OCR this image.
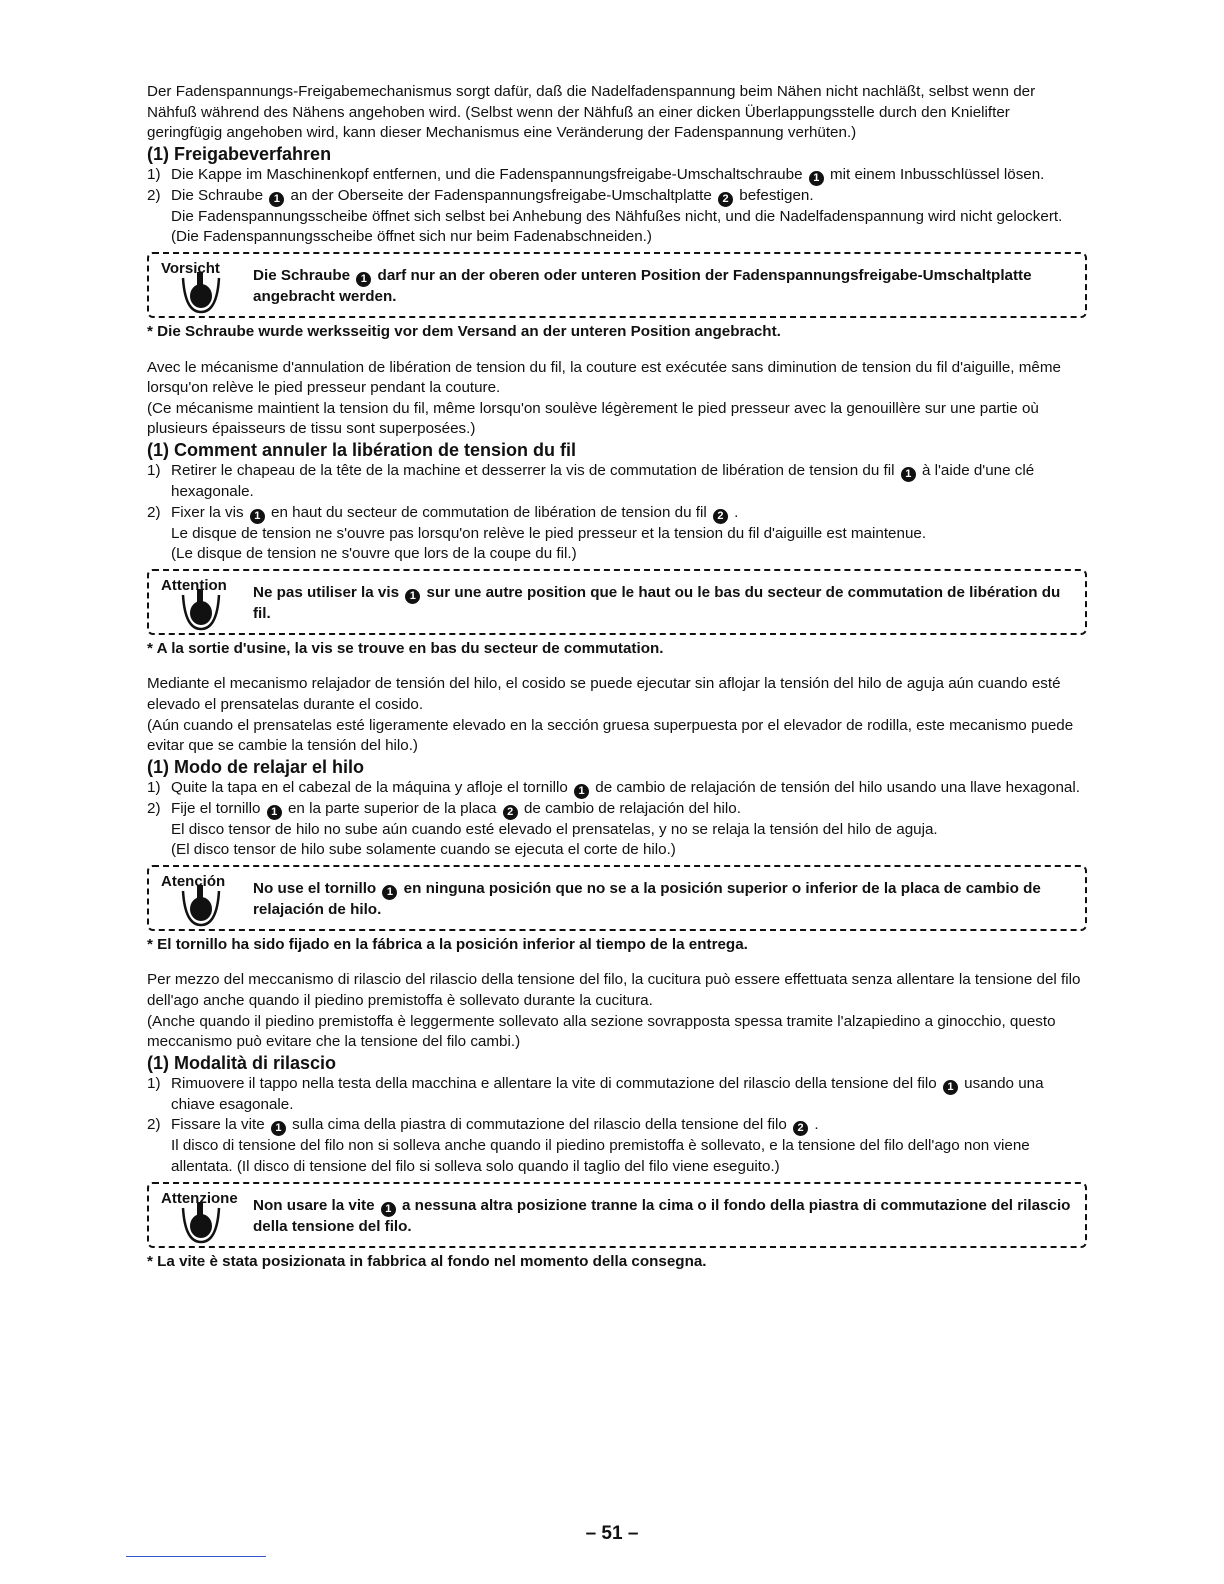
Der Fadenspannungs-Freigabemechanismus sorgt dafür, daß die Nadelfadenspannung beim Nähen nicht nachläßt, selbst wenn der Nähfuß während des Nähens angehoben wird. (Selbst wenn der Nähfuß an einer dicken Überlappungsstelle durch den Knielifter geringfügig angehoben wird, kann dieser Mechanismus eine Veränderung der Fadenspannung verhüten.)

(1) Freigabeverfahren
1) Die Kappe im Maschinenkopf entfernen, und die Fadenspannungsfreigabe-Umschaltschraube 1 mit einem Inbusschlüssel lösen.
2) Die Schraube 1 an der Oberseite der Fadenspannungsfreigabe-Umschaltplatte 2 befestigen.
Die Fadenspannungsscheibe öffnet sich selbst bei Anhebung des Nähfußes nicht, und die Nadelfadenspannung wird nicht gelockert. (Die Fadenspannungsscheibe öffnet sich nur beim Fadenabschneiden.)
Vorsicht Die Schraube 1 darf nur an der oberen oder unteren Position der Fadenspannungsfreigabe-Umschaltplatte angebracht werden.
* Die Schraube wurde werksseitig vor dem Versand an der unteren Position angebracht.

Avec le mécanisme d'annulation de libération de tension du fil, la couture est exécutée sans diminution de tension du fil d'aiguille, même lorsqu'on relève le pied presseur pendant la couture.

(Ce mécanisme maintient la tension du fil, même lorsqu'on soulève légèrement le pied presseur avec la genouillère sur une partie où plusieurs épaisseurs de tissu sont superposées.)

(1) Comment annuler la libération de tension du fil
1) Retirer le chapeau de la tête de la machine et desserrer la vis de commutation de libération de tension du fil 1 à l'aide d'une clé hexagonale.
2) Fixer la vis 1 en haut du secteur de commutation de libération de tension du fil 2 .
Le disque de tension ne s'ouvre pas lorsqu'on relève le pied presseur et la tension du fil d'aiguille est maintenue.
(Le disque de tension ne s'ouvre que lors de la coupe du fil.)
Attention Ne pas utiliser la vis 1 sur une autre position que le haut ou le bas du secteur de commutation de libération du fil.
* A la sortie d'usine, la vis se trouve en bas du secteur de commutation.

Mediante el mecanismo relajador de tensión del hilo, el cosido se puede ejecutar sin aflojar la tensión del hilo de aguja aún cuando esté elevado el prensatelas durante el cosido.

(Aún cuando el prensatelas esté ligeramente elevado en la sección gruesa superpuesta por el elevador de rodilla, este mecanismo puede evitar que se cambie la tensión del hilo.)

(1) Modo de relajar el hilo
1) Quite la tapa en el cabezal de la máquina y afloje el tornillo 1 de cambio de relajación de tensión del hilo usando una llave hexagonal.
2) Fije el tornillo 1 en la parte superior de la placa 2 de cambio de relajación del hilo.
El disco tensor de hilo no sube aún cuando esté elevado el prensatelas, y no se relaja la tensión del hilo de aguja.
(El disco tensor de hilo sube solamente cuando se ejecuta el corte de hilo.)
Atención No use el tornillo 1 en ninguna posición que no se a la posición superior o inferior de la placa de cambio de relajación de hilo.
* El tornillo ha sido fijado en la fábrica a la posición inferior al tiempo de la entrega.

Per mezzo del meccanismo di rilascio del rilascio della tensione del filo, la cucitura può essere effettuata senza allentare la tensione del filo dell'ago anche quando il piedino premistoffa è sollevato durante la cucitura.

(Anche quando il piedino premistoffa è leggermente sollevato alla sezione sovrapposta spessa tramite l'alzapiedino a ginocchio, questo meccanismo può evitare che la tensione del filo cambi.)

(1) Modalità di rilascio
1) Rimuovere il tappo nella testa della macchina e allentare la vite di commutazione del rilascio della tensione del filo 1 usando una chiave esagonale.
2) Fissare la vite 1 sulla cima della piastra di commutazione del rilascio della tensione del filo 2 .
Il disco di tensione del filo non si solleva anche quando il piedino premistoffa è sollevato, e la tensione del filo dell'ago non viene allentata. (Il disco di tensione del filo si solleva solo quando il taglio del filo viene eseguito.)
Attenzione Non usare la vite 1 a nessuna altra posizione tranne la cima o il fondo della piastra di commutazione del rilascio della tensione del filo.
* La vite è stata posizionata in fabbrica al fondo nel momento della consegna.
– 51 –
